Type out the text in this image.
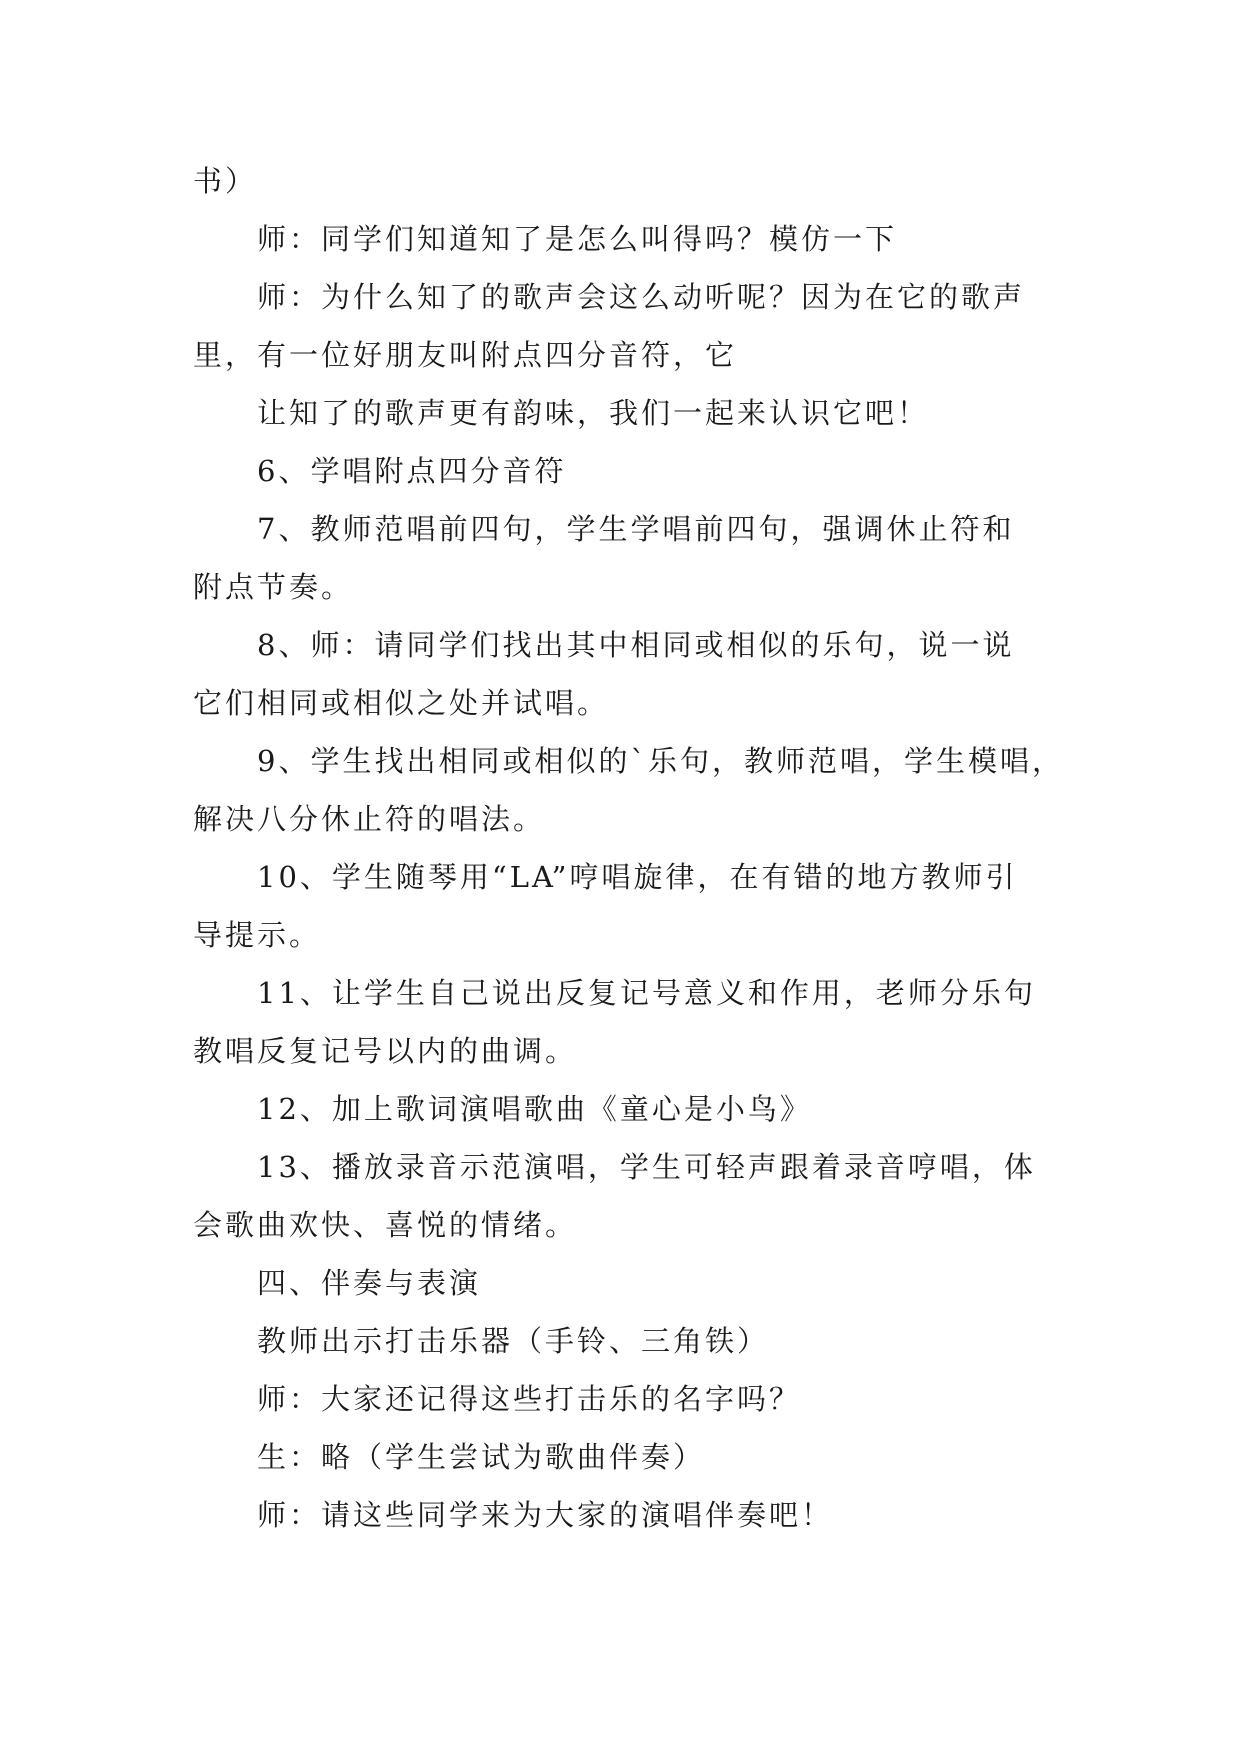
书）
师：同学们知道知了是怎么叫得吗？模仿一下
师：为什么知了的歌声会这么动听呢？因为在它的歌声
里，有一位好朋友叫附点四分音符，它
让知了的歌声更有韵味，我们一起来认识它吧！
6、学唱附点四分音符
7、教师范唱前四句，学生学唱前四句，强调休止符和
附点节奏。
8、师：请同学们找出其中相同或相似的乐句，说一说
它们相同或相似之处并试唱。
9、学生找出相同或相似的`乐句，教师范唱，学生模唱，
解决八分休止符的唱法。
10、学生随琴用“LA”哼唱旋律，在有错的地方教师引
导提示。
11、让学生自己说出反复记号意义和作用，老师分乐句
教唱反复记号以内的曲调。
12、加上歌词演唱歌曲《童心是小鸟》
13、播放录音示范演唱，学生可轻声跟着录音哼唱，体
会歌曲欢快、喜悦的情绪。
四、伴奏与表演
教师出示打击乐器（手铃、三角铁）
师：大家还记得这些打击乐的名字吗？
生：略（学生尝试为歌曲伴奏）
师：请这些同学来为大家的演唱伴奏吧！
